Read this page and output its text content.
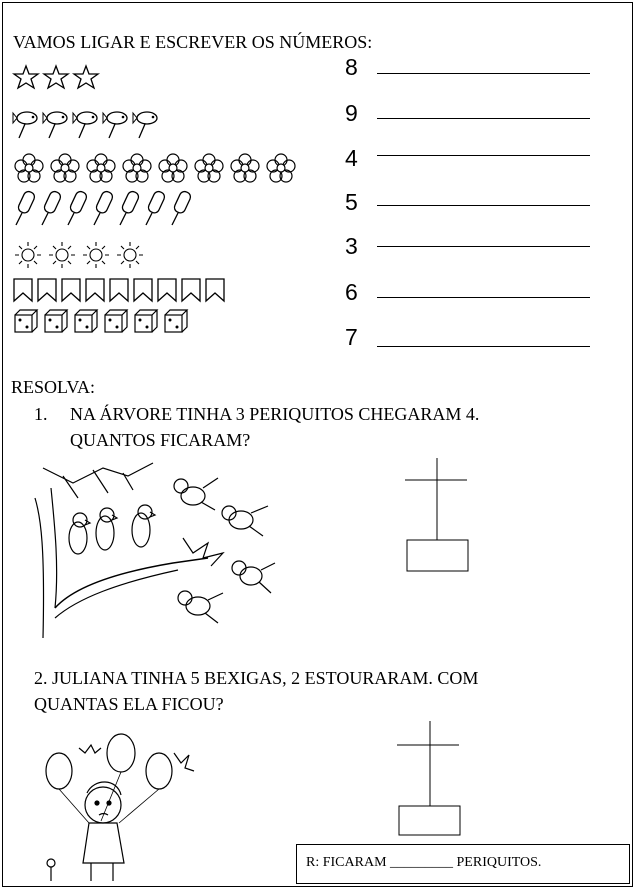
VAMOS LIGAR E ESCREVER OS NÚMEROS:
8
9
4
5
3
6
7
RESOLVA:
1. NA ÁRVORE TINHA 3 PERIQUITOS CHEGARAM 4.
QUANTOS FICARAM?
2. JULIANA TINHA 5 BEXIGAS, 2 ESTOURARAM. COM
QUANTAS ELA FICOU?
R: FICARAM _________ PERIQUITOS.
